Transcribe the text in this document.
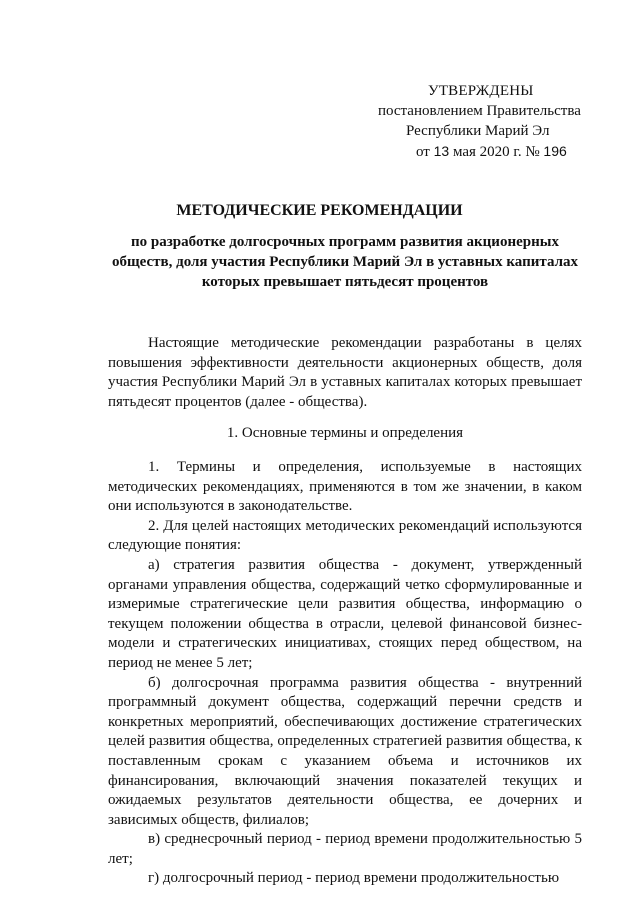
УТВЕРЖДЕНЫ
постановлением Правительства
Республики Марий Эл
от 13 мая 2020 г. № 196
МЕТОДИЧЕСКИЕ РЕКОМЕНДАЦИИ
по разработке долгосрочных программ развития акционерных обществ, доля участия Республики Марий Эл в уставных капиталах которых превышает пятьдесят процентов

Настоящие методические рекомендации разработаны в целях повышения эффективности деятельности акционерных обществ, доля участия Республики Марий Эл в уставных капиталах которых превышает пятьдесят процентов (далее - общества).

1. Основные термины и определения

1. Термины и определения, используемые в настоящих методических рекомендациях, применяются в том же значении, в каком они используются в законодательстве.

2. Для целей настоящих методических рекомендаций используются следующие понятия:

а) стратегия развития общества - документ, утвержденный органами управления общества, содержащий четко сформулированные и измеримые стратегические цели развития общества, информацию о текущем положении общества в отрасли, целевой финансовой бизнес-модели и стратегических инициативах, стоящих перед обществом, на период не менее 5 лет;

б) долгосрочная программа развития общества - внутренний программный документ общества, содержащий перечни средств и конкретных мероприятий, обеспечивающих достижение стратегических целей развития общества, определенных стратегией развития общества, к поставленным срокам с указанием объема и источников их финансирования, включающий значения показателей текущих и ожидаемых результатов деятельности общества, ее дочерних и зависимых обществ, филиалов;

в) среднесрочный период - период времени продолжительностью 5 лет;

г) долгосрочный период - период времени продолжительностью
